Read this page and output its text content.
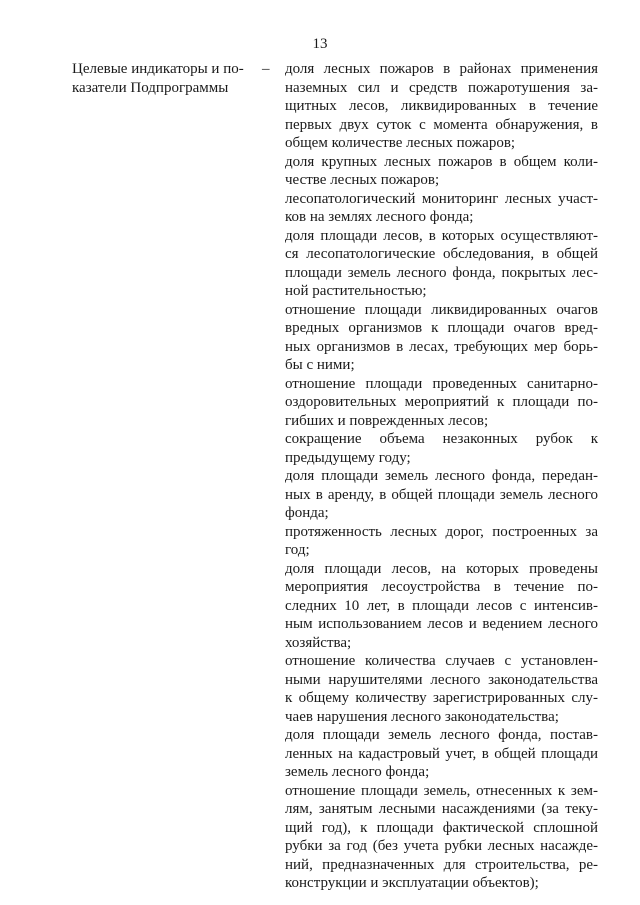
13
Целевые индикаторы и по-
казатели Подпрограммы
– доля лесных пожаров в районах применения
наземных сил и средств пожаротушения за-
щитных лесов, ликвидированных в течение
первых двух суток с момента обнаружения, в
общем количестве лесных пожаров;
доля крупных лесных пожаров в общем коли-
честве лесных пожаров;
лесопатологический мониторинг лесных участ-
ков на землях лесного фонда;
доля площади лесов, в которых осуществляют-
ся лесопатологические обследования, в общей
площади земель лесного фонда, покрытых лес-
ной растительностью;
отношение площади ликвидированных очагов
вредных организмов к площади очагов вред-
ных организмов в лесах, требующих мер борь-
бы с ними;
отношение площади проведенных санитарно-
оздоровительных мероприятий к площади по-
гибших и поврежденных лесов;
сокращение объема незаконных рубок к
предыдущему году;
доля площади земель лесного фонда, передан-
ных в аренду, в общей площади земель лесного
фонда;
протяженность лесных дорог, построенных за
год;
доля площади лесов, на которых проведены
мероприятия лесоустройства в течение по-
следних 10 лет, в площади лесов с интенсив-
ным использованием лесов и ведением лесного
хозяйства;
отношение количества случаев с установлен-
ными нарушителями лесного законодательства
к общему количеству зарегистрированных слу-
чаев нарушения лесного законодательства;
доля площади земель лесного фонда, постав-
ленных на кадастровый учет, в общей площади
земель лесного фонда;
отношение площади земель, отнесенных к зем-
лям, занятым лесными насаждениями (за теку-
щий год), к площади фактической сплошной
рубки за год (без учета рубки лесных насажде-
ний, предназначенных для строительства, ре-
конструкции и эксплуатации объектов);
